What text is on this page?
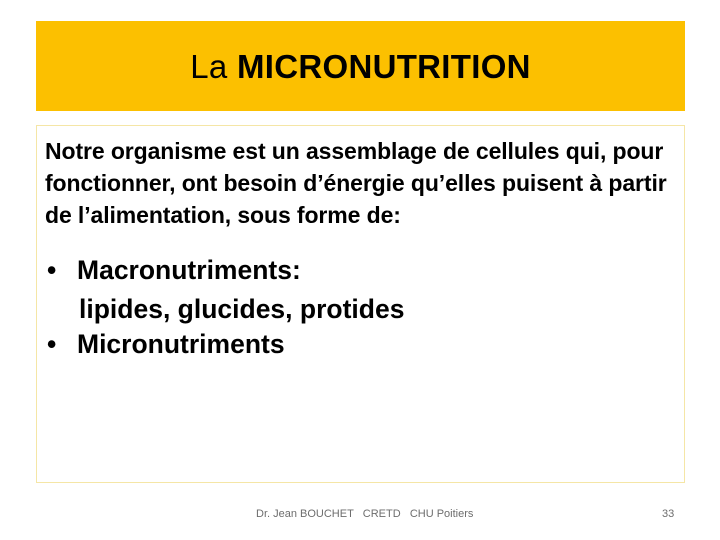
La MICRONUTRITION

Notre organisme est un assemblage de cellules qui, pour fonctionner, ont besoin d’énergie qu’elles puisent à partir de l’alimentation, sous forme de:

• Macronutriments:
lipides, glucides, protides
• Micronutriments
Dr. Jean BOUCHET   CRETD   CHU Poitiers	33
